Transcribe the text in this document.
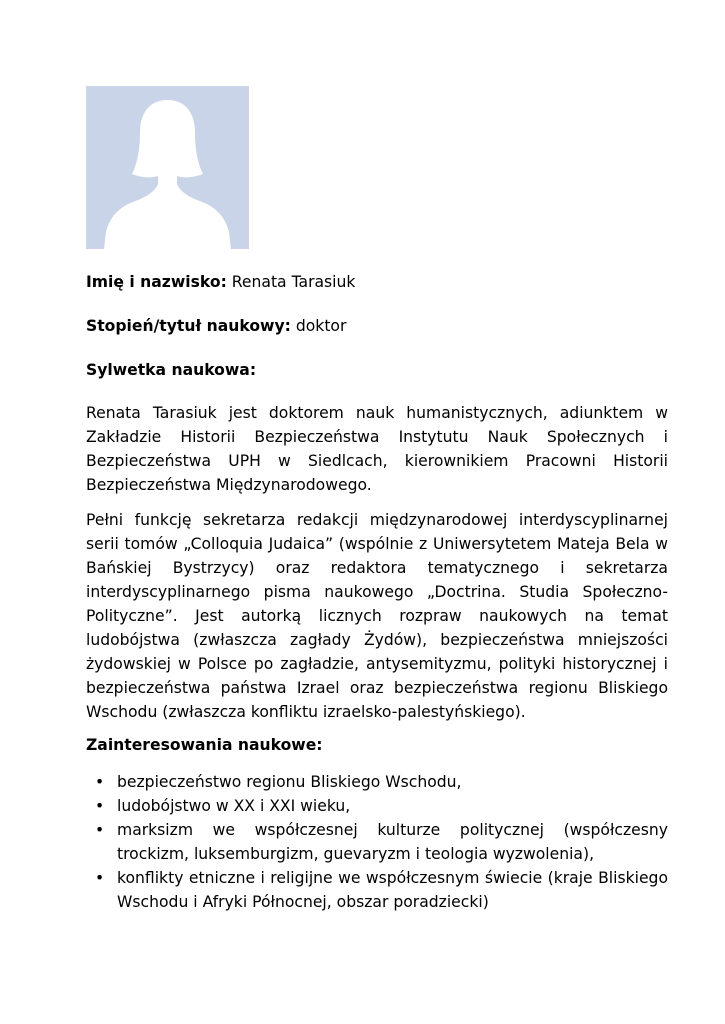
Imię i nazwisko: Renata Tarasiuk

Stopień/tytuł naukowy: doktor

Sylwetka naukowa:

Renata Tarasiuk jest doktorem nauk humanistycznych, adiunktem w Zakładzie Historii Bezpieczeństwa Instytutu Nauk Społecznych i Bezpieczeństwa UPH w Siedlcach, kierownikiem Pracowni Historii Bezpieczeństwa Międzynarodowego.

Pełni funkcję sekretarza redakcji międzynarodowej interdyscyplinarnej serii tomów „Colloquia Judaica” (wspólnie z Uniwersytetem Mateja Bela w Bańskiej Bystrzycy) oraz redaktora tematycznego i sekretarza interdyscyplinarnego pisma naukowego „Doctrina. Studia Społeczno-Polityczne”. Jest autorką licznych rozpraw naukowych na temat ludobójstwa (zwłaszcza zagłady Żydów), bezpieczeństwa mniejszości żydowskiej w Polsce po zagładzie, antysemityzmu, polityki historycznej i bezpieczeństwa państwa Izrael oraz bezpieczeństwa regionu Bliskiego Wschodu (zwłaszcza konfliktu izraelsko-palestyńskiego).

Zainteresowania naukowe:

• bezpieczeństwo regionu Bliskiego Wschodu,
• ludobójstwo w XX i XXI wieku,
• marksizm we współczesnej kulturze politycznej (współczesny trockizm, luksemburgizm, guevaryzm i teologia wyzwolenia),
• konflikty etniczne i religijne we współczesnym świecie (kraje Bliskiego Wschodu i Afryki Północnej, obszar poradziecki)
